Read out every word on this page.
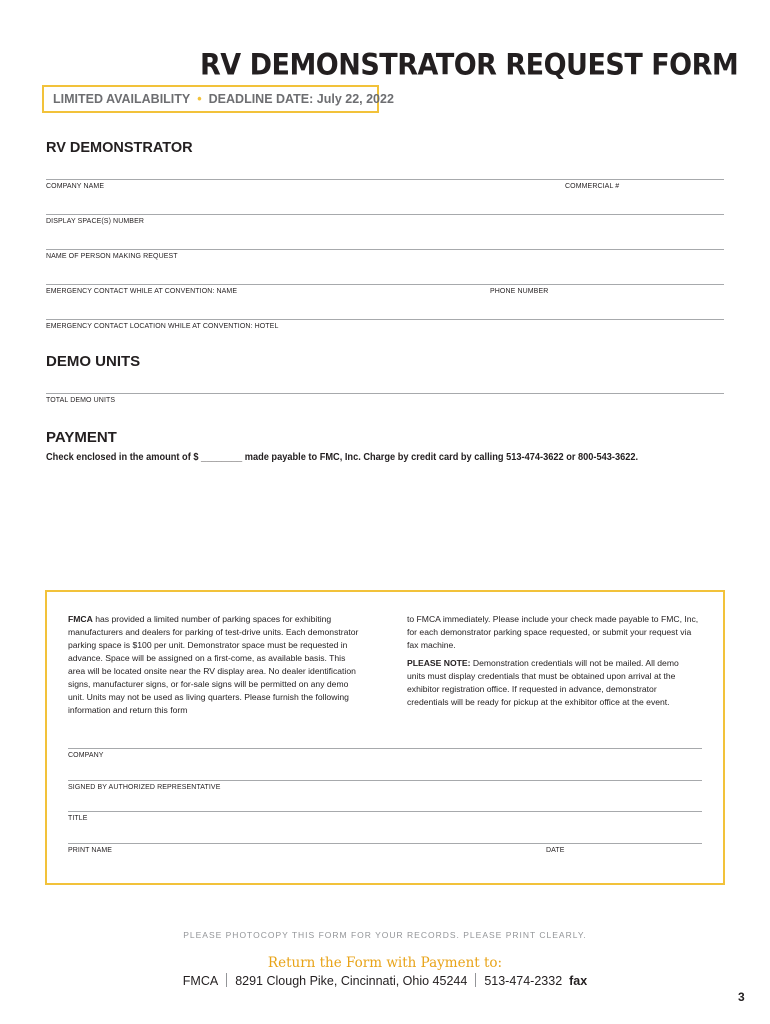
RV DEMONSTRATOR REQUEST FORM
LIMITED AVAILABILITY • DEADLINE DATE: July 22, 2022
RV DEMONSTRATOR
COMPANY NAME	COMMERCIAL #
DISPLAY SPACE(S) NUMBER
NAME OF PERSON MAKING REQUEST
EMERGENCY CONTACT WHILE AT CONVENTION: NAME	PHONE NUMBER
EMERGENCY CONTACT LOCATION WHILE AT CONVENTION: HOTEL
DEMO UNITS
TOTAL DEMO UNITS
PAYMENT
Check enclosed in the amount of $ ________ made payable to FMC, Inc. Charge by credit card by calling 513-474-3622 or 800-543-3622.
FMCA has provided a limited number of parking spaces for exhibiting manufacturers and dealers for parking of test-drive units. Each demonstrator parking space is $100 per unit. Demonstrator space must be requested in advance. Space will be assigned on a first-come, as available basis. This area will be located onsite near the RV display area. No dealer identification signs, manufacturer signs, or for-sale signs will be permitted on any demo unit. Units may not be used as living quarters. Please furnish the following information and return this form
to FMCA immediately. Please include your check made payable to FMC, Inc, for each demonstrator parking space requested, or submit your request via fax machine.
PLEASE NOTE: Demonstration credentials will not be mailed. All demo units must display credentials that must be obtained upon arrival at the exhibitor registration office. If requested in advance, demonstrator credentials will be ready for pickup at the exhibitor office at the event.
COMPANY
SIGNED BY AUTHORIZED REPRESENTATIVE
TITLE
PRINT NAME	DATE
PLEASE PHOTOCOPY THIS FORM FOR YOUR RECORDS. PLEASE PRINT CLEARLY.
Return the Form with Payment to:
FMCA 8291 Clough Pike, Cincinnati, Ohio 45244 513-474-2332 fax
3
